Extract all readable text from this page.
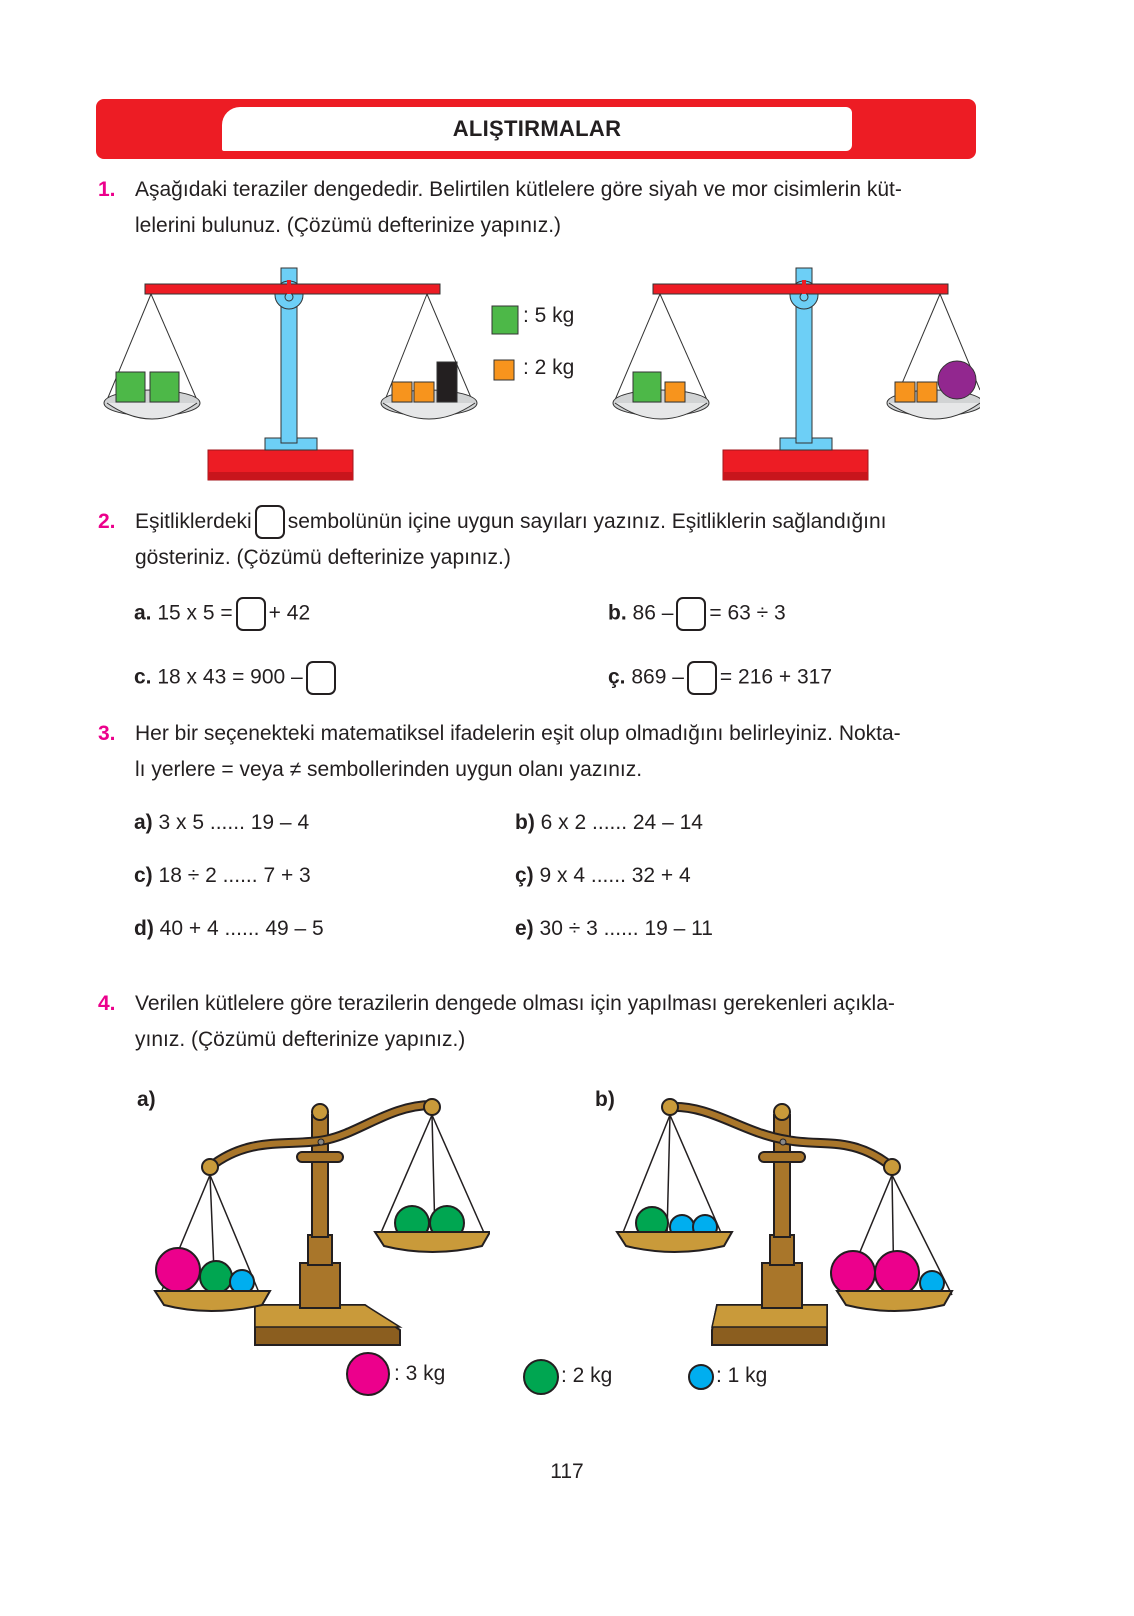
ALIŞTIRMALAR
1. Aşağıdaki teraziler dengededir. Belirtilen kütlelere göre siyah ve mor cisimlerin küt-
lelerini bulunuz. (Çözümü defterinize yapınız.)
: 5 kg
: 2 kg
2. Eşitliklerdeki sembolünün içine uygun sayıları yazınız. Eşitliklerin sağlandığını
gösteriniz. (Çözümü defterinize yapınız.)
a. 15 x 5 = + 42	b. 86 – = 63 ÷ 3
c. 18 x 43 = 900 –	ç. 869 – = 216 + 317
3. Her bir seçenekteki matematiksel ifadelerin eşit olup olmadığını belirleyiniz. Nokta-
lı yerlere = veya ≠ sembollerinden uygun olanı yazınız.
a) 3 x 5 ...... 19 – 4	b) 6 x 2 ...... 24 – 14
c) 18 ÷ 2 ...... 7 + 3	ç) 9 x 4 ...... 32 + 4
d) 40 + 4 ...... 49 – 5	e) 30 ÷ 3 ...... 19 – 11
4. Verilen kütlelere göre terazilerin dengede olması için yapılması gerekenleri açıkla-
yınız. (Çözümü defterinize yapınız.)
a)	b)
: 3 kg	: 2 kg	: 1 kg
117
